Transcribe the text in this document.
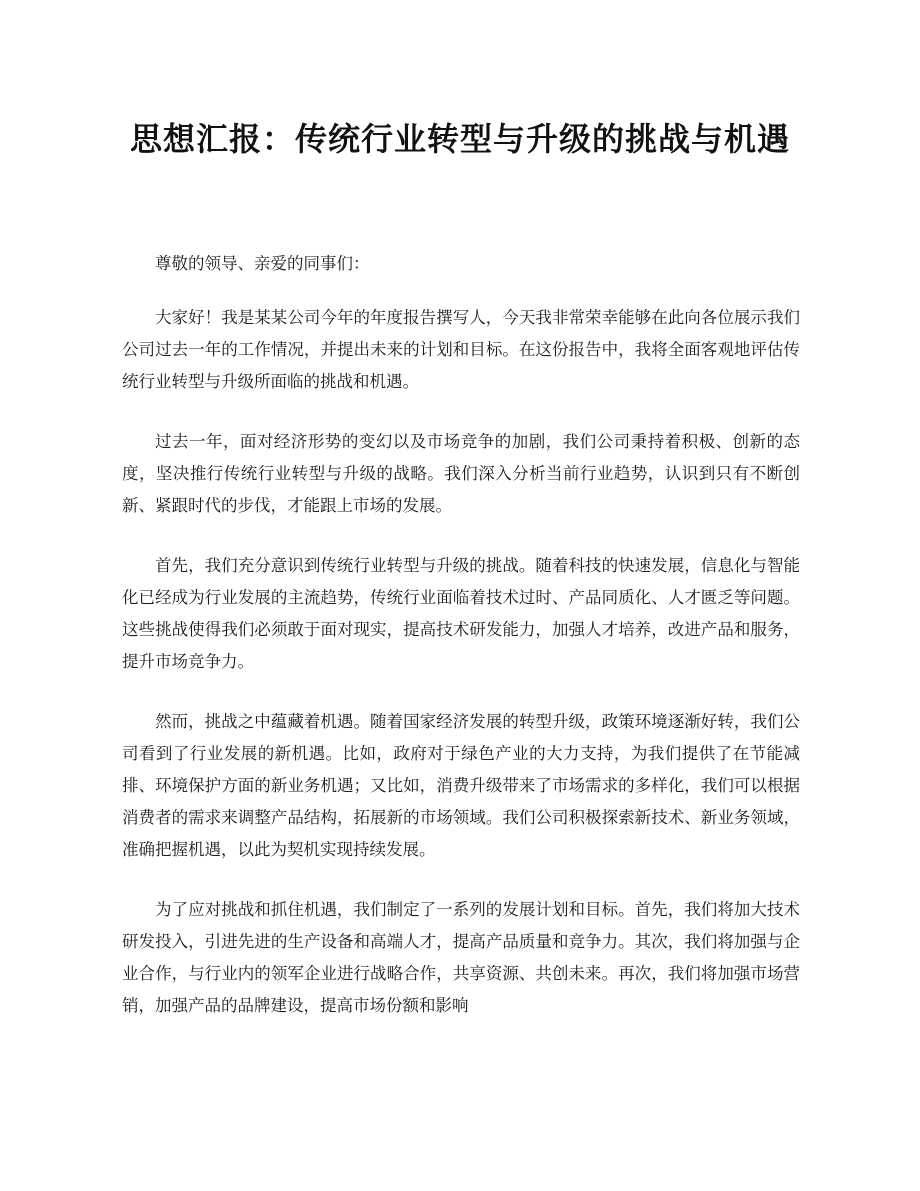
思想汇报：传统行业转型与升级的挑战与机遇

尊敬的领导、亲爱的同事们：

大家好！我是某某公司今年的年度报告撰写人，今天我非常荣幸能够在此向各位展示我们公司过去一年的工作情况，并提出未来的计划和目标。在这份报告中，我将全面客观地评估传统行业转型与升级所面临的挑战和机遇。

过去一年，面对经济形势的变幻以及市场竞争的加剧，我们公司秉持着积极、创新的态度，坚决推行传统行业转型与升级的战略。我们深入分析当前行业趋势，认识到只有不断创新、紧跟时代的步伐，才能跟上市场的发展。

首先，我们充分意识到传统行业转型与升级的挑战。随着科技的快速发展，信息化与智能化已经成为行业发展的主流趋势，传统行业面临着技术过时、产品同质化、人才匮乏等问题。这些挑战使得我们必须敢于面对现实，提高技术研发能力，加强人才培养，改进产品和服务，提升市场竞争力。

然而，挑战之中蕴藏着机遇。随着国家经济发展的转型升级，政策环境逐渐好转，我们公司看到了行业发展的新机遇。比如，政府对于绿色产业的大力支持，为我们提供了在节能减排、环境保护方面的新业务机遇；又比如，消费升级带来了市场需求的多样化，我们可以根据消费者的需求来调整产品结构，拓展新的市场领域。我们公司积极探索新技术、新业务领域，准确把握机遇，以此为契机实现持续发展。

为了应对挑战和抓住机遇，我们制定了一系列的发展计划和目标。首先，我们将加大技术研发投入，引进先进的生产设备和高端人才，提高产品质量和竞争力。其次，我们将加强与企业合作，与行业内的领军企业进行战略合作，共享资源、共创未来。再次，我们将加强市场营销，加强产品的品牌建设，提高市场份额和影响
